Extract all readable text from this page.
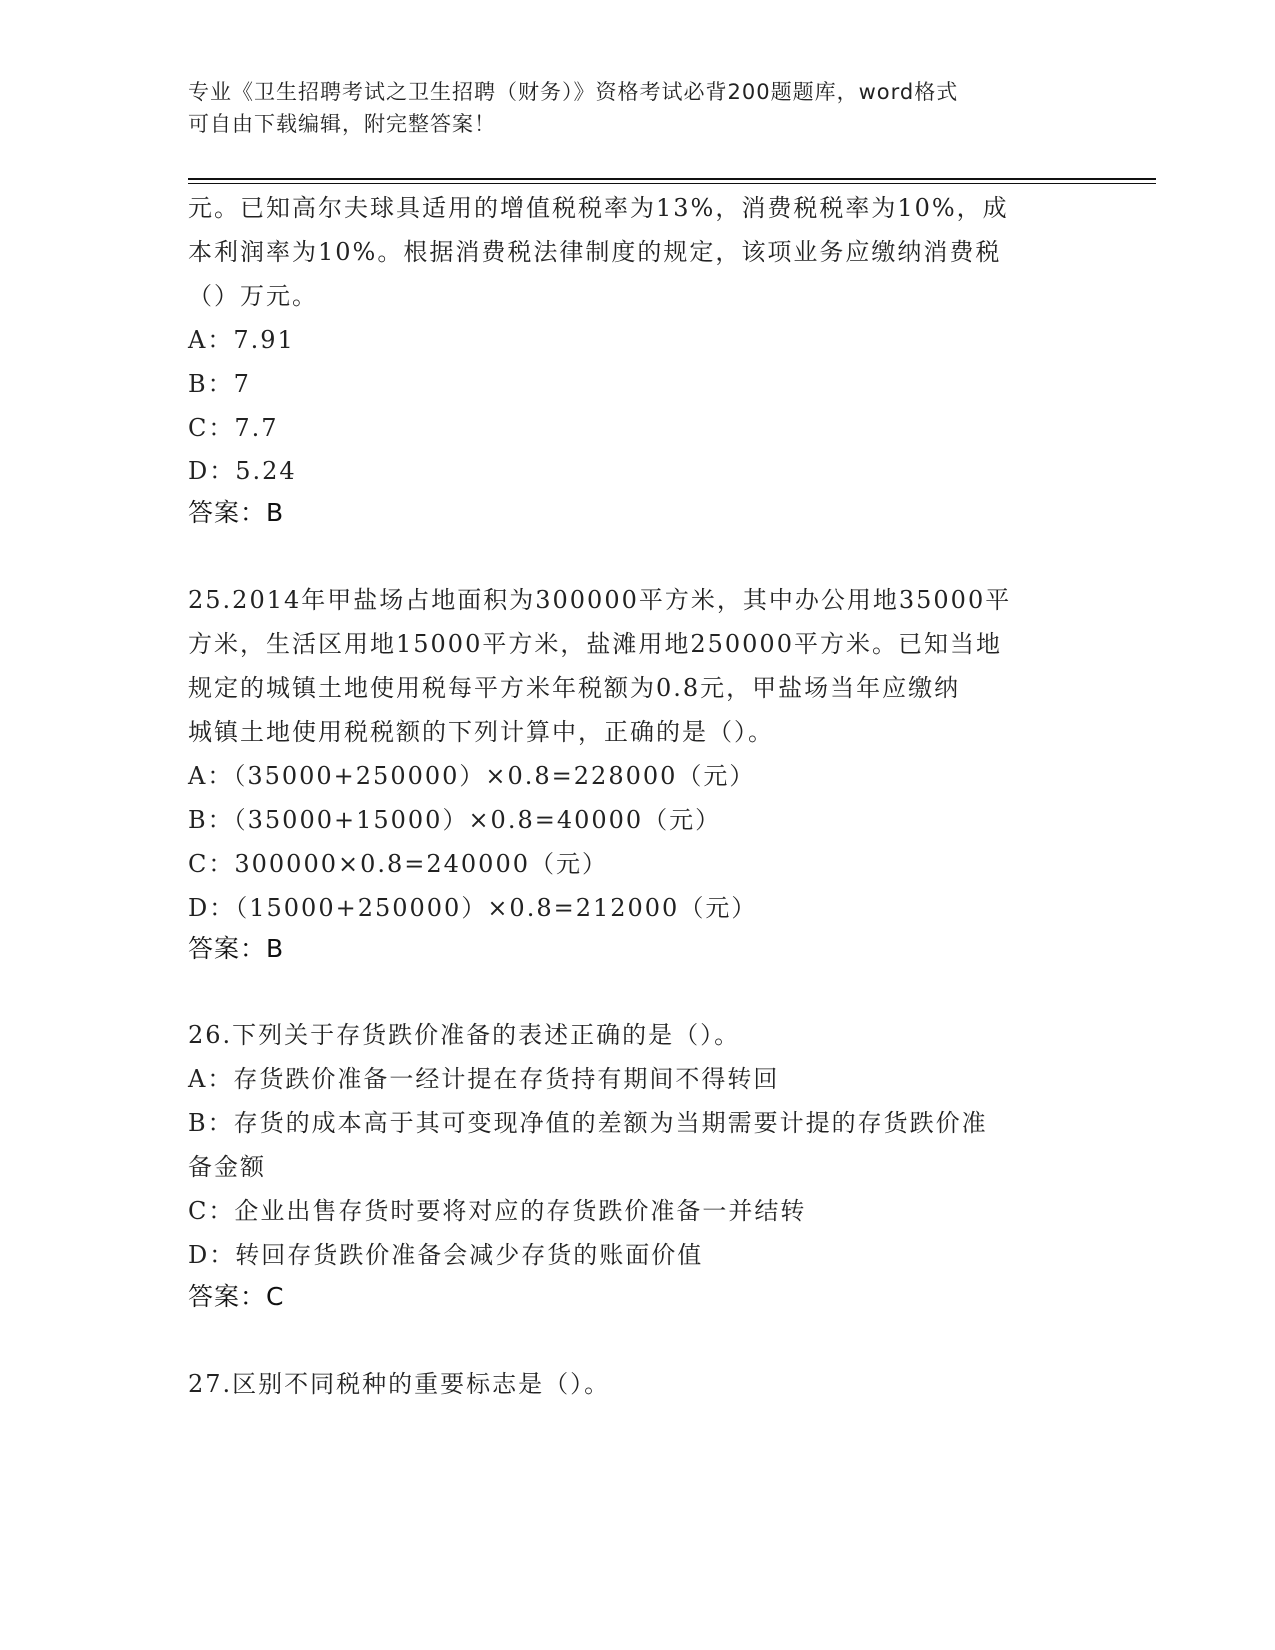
专业《卫生招聘考试之卫生招聘（财务）》资格考试必背200题题库，word格式
可自由下载编辑，附完整答案！
元。已知高尔夫球具适用的增值税税率为13%，消费税税率为10%，成
本利润率为10%。根据消费税法律制度的规定，该项业务应缴纳消费税
（）万元。
A：7.91
B：7
C：7.7
D：5.24
答案：B
25.2014年甲盐场占地面积为300000平方米，其中办公用地35000平
方米，生活区用地15000平方米，盐滩用地250000平方米。已知当地
规定的城镇土地使用税每平方米年税额为0.8元，甲盐场当年应缴纳
城镇土地使用税税额的下列计算中，正确的是（）。
A：（35000+250000）×0.8=228000（元）
B：（35000+15000）×0.8=40000（元）
C：300000×0.8=240000（元）
D：（15000+250000）×0.8=212000（元）
答案：B
26.下列关于存货跌价准备的表述正确的是（）。
A：存货跌价准备一经计提在存货持有期间不得转回
B：存货的成本高于其可变现净值的差额为当期需要计提的存货跌价准
备金额
C：企业出售存货时要将对应的存货跌价准备一并结转
D：转回存货跌价准备会减少存货的账面价值
答案：C
27.区别不同税种的重要标志是（）。
